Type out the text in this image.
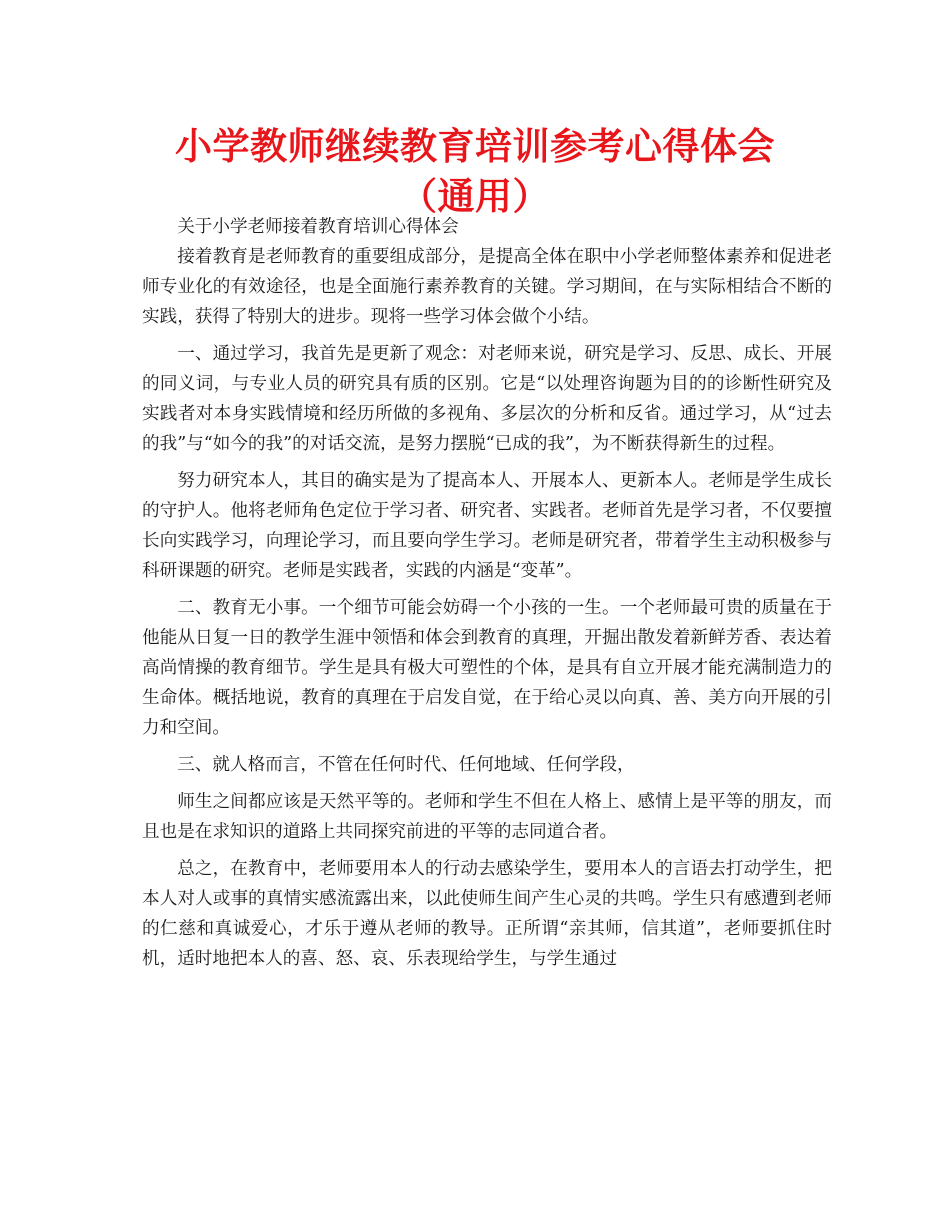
小学教师继续教育培训参考心得体会（通用）

关于小学老师接着教育培训心得体会

接着教育是老师教育的重要组成部分，是提高全体在职中小学老师整体素养和促进老师专业化的有效途径，也是全面施行素养教育的关键。学习期间，在与实际相结合不断的实践，获得了特别大的进步。现将一些学习体会做个小结。

一、通过学习，我首先是更新了观念：对老师来说，研究是学习、反思、成长、开展的同义词，与专业人员的研究具有质的区别。它是“以处理咨询题为目的的诊断性研究及实践者对本身实践情境和经历所做的多视角、多层次的分析和反省。通过学习，从“过去的我”与“如今的我”的对话交流，是努力摆脱“已成的我”，为不断获得新生的过程。

努力研究本人，其目的确实是为了提高本人、开展本人、更新本人。老师是学生成长的守护人。他将老师角色定位于学习者、研究者、实践者。老师首先是学习者，不仅要擅长向实践学习，向理论学习，而且要向学生学习。老师是研究者，带着学生主动积极参与科研课题的研究。老师是实践者，实践的内涵是“变革”。

二、教育无小事。一个细节可能会妨碍一个小孩的一生。一个老师最可贵的质量在于他能从日复一日的教学生涯中领悟和体会到教育的真理，开掘出散发着新鲜芳香、表达着高尚情操的教育细节。学生是具有极大可塑性的个体，是具有自立开展才能充满制造力的生命体。概括地说，教育的真理在于启发自觉，在于给心灵以向真、善、美方向开展的引力和空间。

三、就人格而言，不管在任何时代、任何地域、任何学段，

师生之间都应该是天然平等的。老师和学生不但在人格上、感情上是平等的朋友，而且也是在求知识的道路上共同探究前进的平等的志同道合者。

总之，在教育中，老师要用本人的行动去感染学生，要用本人的言语去打动学生，把本人对人或事的真情实感流露出来，以此使师生间产生心灵的共鸣。学生只有感遭到老师的仁慈和真诚爱心，才乐于遵从老师的教导。正所谓“亲其师，信其道”，老师要抓住时机，适时地把本人的喜、怒、哀、乐表现给学生，与学生通过
